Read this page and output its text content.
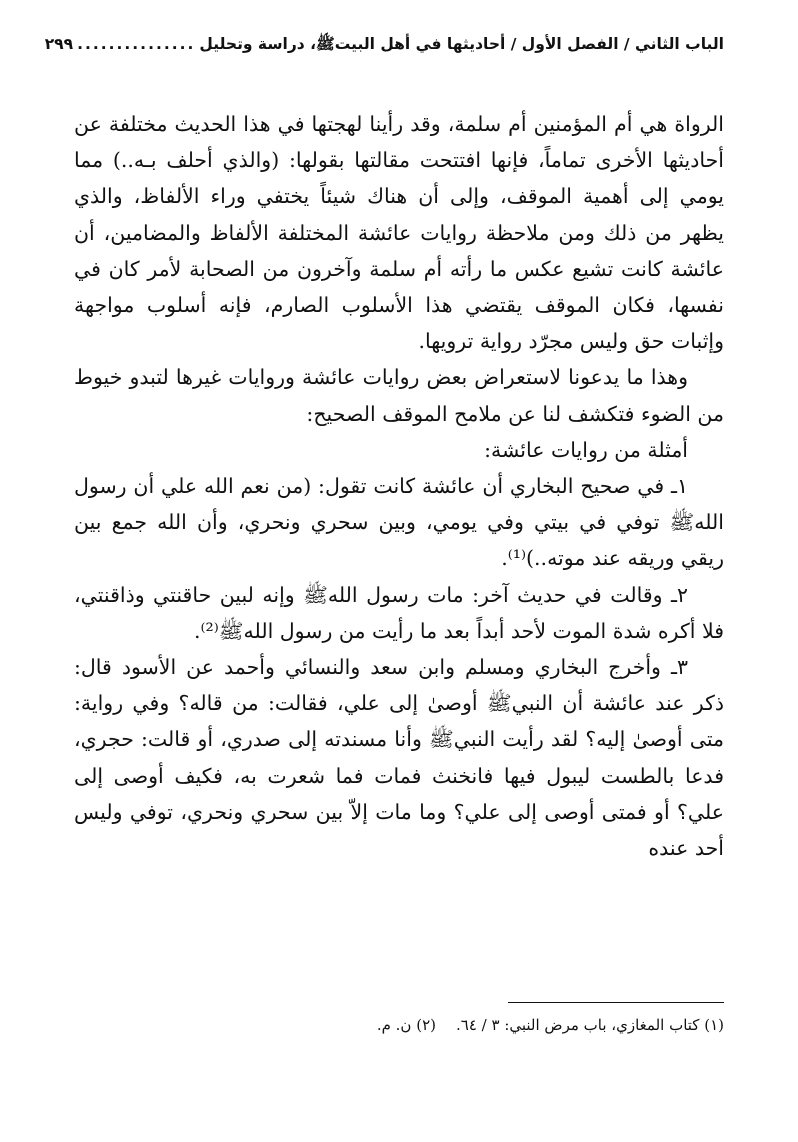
الباب الثاني / الفصل الأول / أحاديثها في أهل البيتﷺ، دراسة وتحليل
...............
٢٩٩

الرواة هي أم المؤمنين أم سلمة، وقد رأينا لهجتها في هذا الحديث مختلفة عن أحاديثها الأخرى تماماً، فإنها افتتحت مقالتها بقولها: (والذي أحلف بـه..) مما يومي إلى أهمية الموقف، وإلى أن هناك شيئاً يختفي وراء الألفاظ، والذي يظهر من ذلك ومن ملاحظة روايات عائشة المختلفة الألفاظ والمضامين، أن عائشة كانت تشيع عكس ما رأته أم سلمة وآخرون من الصحابة لأمر كان في نفسها، فكان الموقف يقتضي هذا الأسلوب الصارم، فإنه أسلوب مواجهة وإثبات حق وليس مجرّد رواية ترويها.

وهذا ما يدعونا لاستعراض بعض روايات عائشة وروايات غيرها لتبدو خيوط من الضوء فتكشف لنا عن ملامح الموقف الصحيح:

أمثلة من روايات عائشة:

١ـ في صحيح البخاري أن عائشة كانت تقول: (من نعم الله علي أن رسول اللهﷺ توفي في بيتي وفي يومي، وبين سحري ونحري، وأن الله جمع بين ريقي وريقه عند موته..)⁽¹⁾.

٢ـ وقالت في حديث آخر: مات رسول اللهﷺ وإنه لبين حاقنتي وذاقنتي، فلا أكره شدة الموت لأحد أبداً بعد ما رأيت من رسول اللهﷺ⁽²⁾.

٣ـ وأخرج البخاري ومسلم وابن سعد والنسائي وأحمد عن الأسود قال: ذكر عند عائشة أن النبيﷺ أوصىٰ إلى علي، فقالت: من قاله؟ وفي رواية: متى أوصىٰ إليه؟ لقد رأيت النبيﷺ وأنا مسندته إلى صدري، أو قالت: حجري، فدعا بالطست ليبول فيها فانخنث فمات فما شعرت به، فكيف أوصى إلى علي؟ أو فمتى أوصى إلى علي؟ وما مات إلاّ بين سحري ونحري، توفي وليس أحد عنده

(١) كتاب المغازي، باب مرض النبي: ٣ / ٦٤.(٢) ن. م.
